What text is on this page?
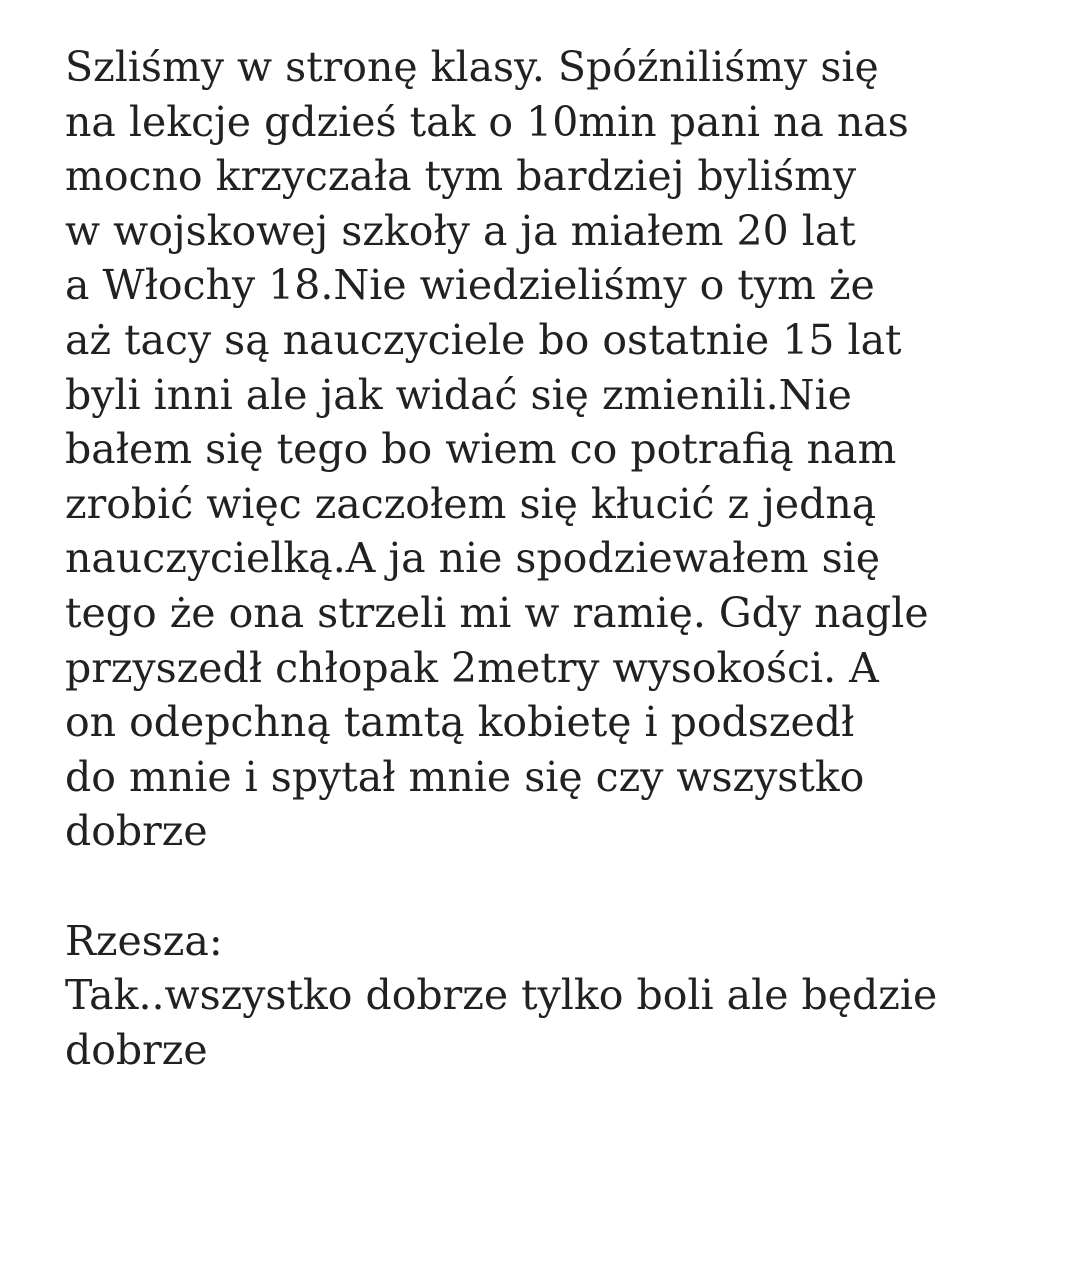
Szliśmy w stronę klasy. Spóźniliśmy się
na lekcje gdzieś tak o 10min pani na nas
mocno krzyczała tym bardziej byliśmy
w wojskowej szkoły a ja miałem 20 lat
a Włochy 18.Nie wiedzieliśmy o tym że
aż tacy są nauczyciele bo ostatnie 15 lat
byli inni ale jak widać się zmienili.Nie
bałem się tego bo wiem co potrafią nam
zrobić więc zaczołem się kłucić z jedną
nauczycielką.A ja nie spodziewałem się
tego że ona strzeli mi w ramię. Gdy nagle
przyszedł chłopak 2metry wysokości. A
on odepchną tamtą kobietę i podszedł
do mnie i spytał mnie się czy wszystko
dobrze
Rzesza:
Tak..wszystko dobrze tylko boli ale będzie
dobrze
